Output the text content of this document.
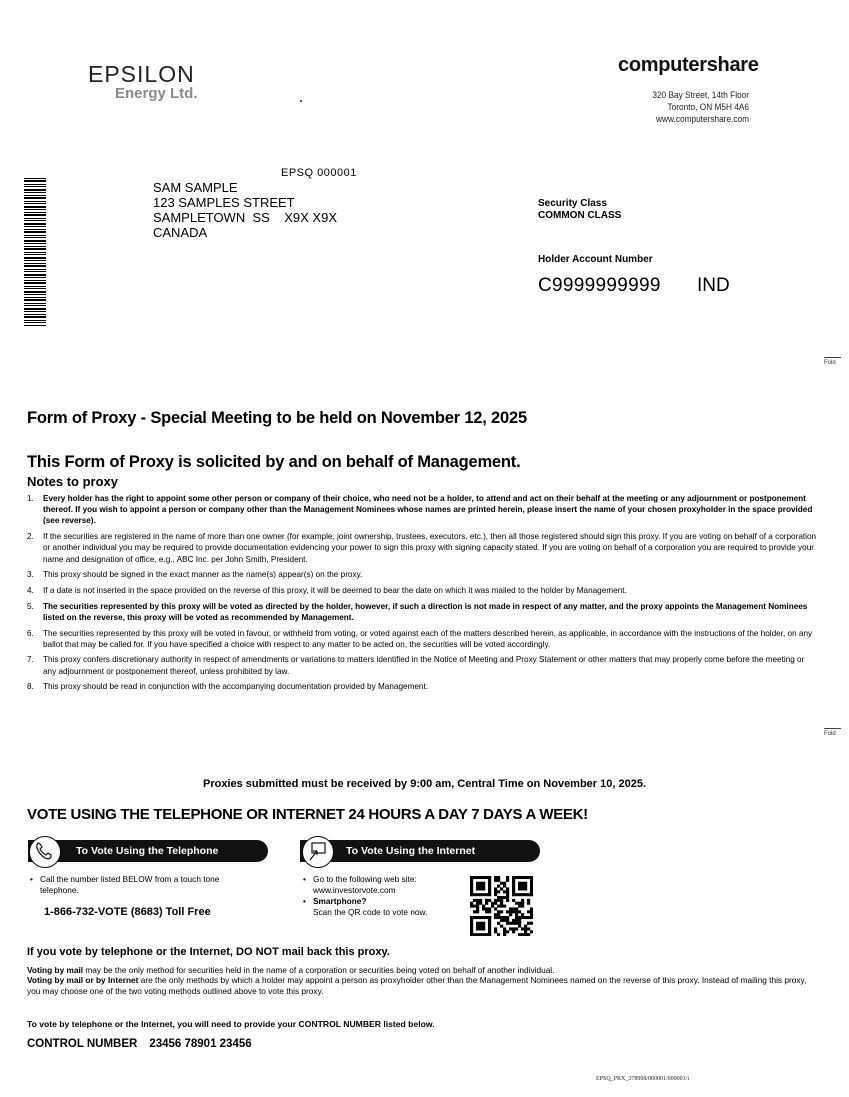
EPSILON
Energy Ltd.
computershare
320 Bay Street, 14th Floor
Toronto, ON M5H 4A6
www.computershare.com
EPSQ 000001
SAM SAMPLE
123 SAMPLES STREET
SAMPLETOWN  SS    X9X X9X
CANADA
Security Class
COMMON CLASS
Holder Account Number
C9999999999 IND
Fold
Fold
Form of Proxy - Special Meeting to be held on November 12, 2025
This Form of Proxy is solicited by and on behalf of Management.
Notes to proxy
1.	Every holder has the right to appoint some other person or company of their choice, who need not be a holder, to attend and act on their behalf at the meeting or any adjournment or postponement thereof. If you wish to appoint a person or company other than the Management Nominees whose names are printed herein, please insert the name of your chosen proxyholder in the space provided (see reverse).
2.	If the securities are registered in the name of more than one owner (for example, joint ownership, trustees, executors, etc.), then all those registered should sign this proxy. If you are voting on behalf of a corporation or another individual you may be required to provide documentation evidencing your power to sign this proxy with signing capacity stated. If you are voting on behalf of a corporation you are required to provide your name and designation of office, e.g., ABC Inc. per John Smith, President.
3.	This proxy should be signed in the exact manner as the name(s) appear(s) on the proxy.
4.	If a date is not inserted in the space provided on the reverse of this proxy, it will be deemed to bear the date on which it was mailed to the holder by Management.
5.	The securities represented by this proxy will be voted as directed by the holder, however, if such a direction is not made in respect of any matter, and the proxy appoints the Management Nominees listed on the reverse, this proxy will be voted as recommended by Management.
6.	The securities represented by this proxy will be voted in favour, or withheld from voting, or voted against each of the matters described herein, as applicable, in accordance with the instructions of the holder, on any ballot that may be called for. If you have specified a choice with respect to any matter to be acted on, the securities will be voted accordingly.
7.	This proxy confers discretionary authority in respect of amendments or variations to matters identified in the Notice of Meeting and Proxy Statement or other matters that may properly come before the meeting or any adjournment or postponement thereof, unless prohibited by law.
8.	This proxy should be read in conjunction with the accompanying documentation provided by Management.
Proxies submitted must be received by 9:00 am, Central Time on November 10, 2025.
VOTE USING THE TELEPHONE OR INTERNET 24 HOURS A DAY 7 DAYS A WEEK!
To Vote Using the Telephone	To Vote Using the Internet
• Call the number listed BELOW from a touch tone telephone.
1-866-732-VOTE (8683) Toll Free
• Go to the following web site: www.investorvote.com
• Smartphone?
Scan the QR code to vote now.
If you vote by telephone or the Internet, DO NOT mail back this proxy.
Voting by mail may be the only method for securities held in the name of a corporation or securities being voted on behalf of another individual.
Voting by mail or by Internet are the only methods by which a holder may appoint a person as proxyholder other than the Management Nominees named on the reverse of this proxy. Instead of mailing this proxy, you may choose one of the two voting methods outlined above to vote this proxy.
To vote by telephone or the Internet, you will need to provide your CONTROL NUMBER listed below.
CONTROL NUMBER 23456 78901 23456
EPSQ_PRX_378908/000001/000001/i
